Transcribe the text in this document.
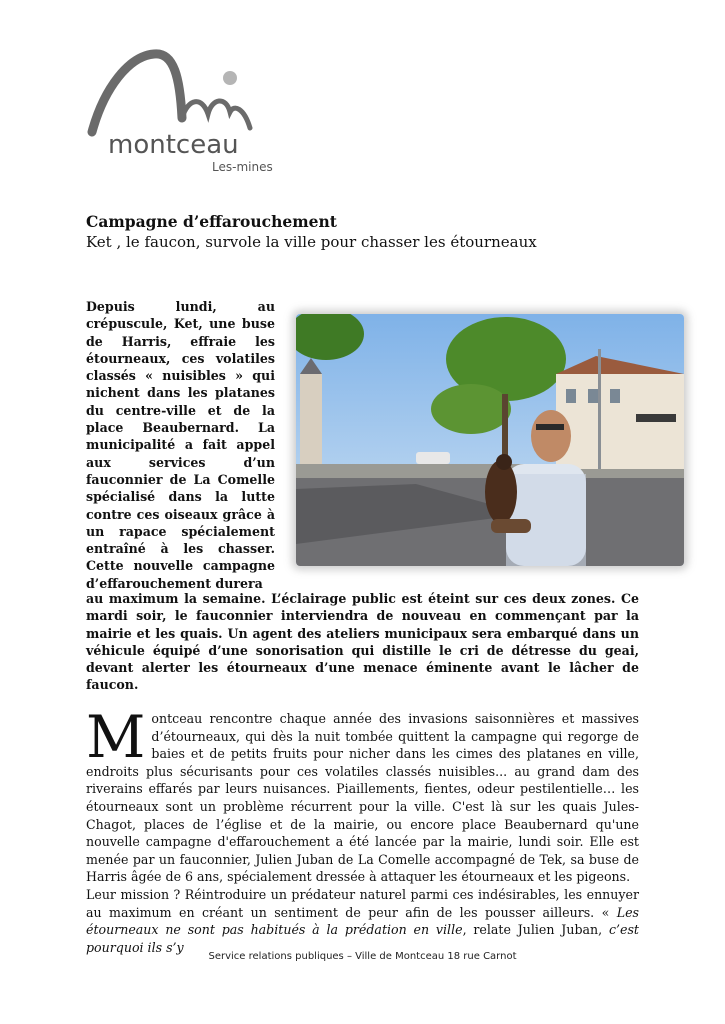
montceau
Les-mines
Campagne d’effarouchement
Ket , le faucon, survole la ville pour chasser les étourneaux
Depuis lundi, au crépuscule, Ket, une buse de Harris, effraie les étourneaux, ces volatiles classés « nuisibles » qui nichent dans les platanes du centre-ville et de la place Beaubernard. La municipalité a fait appel aux services d’un fauconnier de La Comelle spécialisé dans la lutte contre ces oiseaux grâce à un rapace spécialement entraîné à les chasser. Cette nouvelle campagne d’effarouchement durera
au maximum la semaine. L’éclairage public est éteint sur ces deux zones. Ce mardi soir, le fauconnier interviendra de nouveau en commençant par la mairie et les quais. Un agent des ateliers municipaux sera embarqué dans un véhicule équipé d’une sonorisation qui distille le cri de détresse du geai, devant alerter les étourneaux d’une menace éminente avant le lâcher de faucon.

Montceau rencontre chaque année des invasions saisonnières et massives d’étourneaux, qui dès la nuit tombée quittent la campagne qui regorge de baies et de petits fruits pour nicher dans les cimes des platanes en ville, endroits plus sécurisants pour ces volatiles classés nuisibles... au grand dam des riverains effarés par leurs nuisances. Piaillements, fientes, odeur pestilentielle… les étourneaux sont un problème récurrent pour la ville. C'est là sur les quais Jules-Chagot, places de l’église et de la mairie, ou encore place Beaubernard qu'une nouvelle campagne d'effarouchement a été lancée par la mairie, lundi soir. Elle est menée par un fauconnier, Julien Juban de La Comelle accompagné de Tek, sa buse de Harris âgée de 6 ans, spécialement dressée à attaquer les étourneaux et les pigeons.

Leur mission ? Réintroduire un prédateur naturel parmi ces indésirables, les ennuyer au maximum en créant un sentiment de peur afin de les pousser ailleurs. « Les étourneaux ne sont pas habitués à la prédation en ville, relate Julien Juban, c’est pourquoi ils s’y

Service relations publiques – Ville de Montceau 18 rue Carnot
